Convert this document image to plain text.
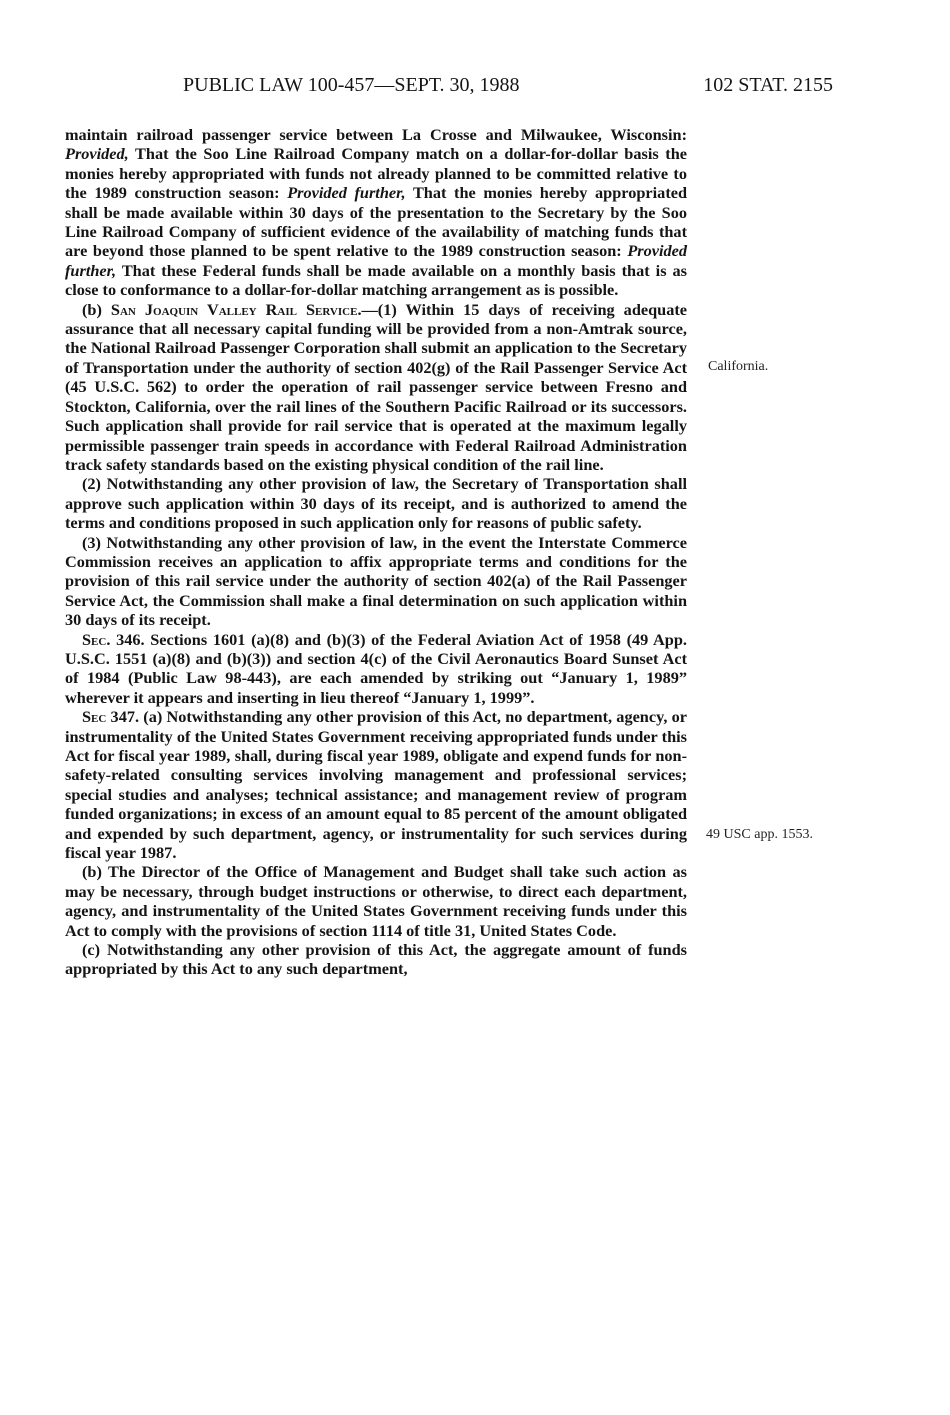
PUBLIC LAW 100-457—SEPT. 30, 1988	102 STAT. 2155
California.
49 USC app. 1553.

maintain railroad passenger service between La Crosse and Milwaukee, Wisconsin: Provided, That the Soo Line Railroad Company match on a dollar-for-dollar basis the monies hereby appropriated with funds not already planned to be committed relative to the 1989 construction season: Provided further, That the monies hereby appropriated shall be made available within 30 days of the presentation to the Secretary by the Soo Line Railroad Company of sufficient evidence of the availability of matching funds that are beyond those planned to be spent relative to the 1989 construction season: Provided further, That these Federal funds shall be made available on a monthly basis that is as close to conformance to a dollar-for-dollar matching arrangement as is possible.

(b) San Joaquin Valley Rail Service.—(1) Within 15 days of receiving adequate assurance that all necessary capital funding will be provided from a non-Amtrak source, the National Railroad Passenger Corporation shall submit an application to the Secretary of Transportation under the authority of section 402(g) of the Rail Passenger Service Act (45 U.S.C. 562) to order the operation of rail passenger service between Fresno and Stockton, California, over the rail lines of the Southern Pacific Railroad or its successors. Such application shall provide for rail service that is operated at the maximum legally permissible passenger train speeds in accordance with Federal Railroad Administration track safety standards based on the existing physical condition of the rail line.

(2) Notwithstanding any other provision of law, the Secretary of Transportation shall approve such application within 30 days of its receipt, and is authorized to amend the terms and conditions proposed in such application only for reasons of public safety.

(3) Notwithstanding any other provision of law, in the event the Interstate Commerce Commission receives an application to affix appropriate terms and conditions for the provision of this rail service under the authority of section 402(a) of the Rail Passenger Service Act, the Commission shall make a final determination on such application within 30 days of its receipt.

Sec. 346. Sections 1601 (a)(8) and (b)(3) of the Federal Aviation Act of 1958 (49 App. U.S.C. 1551 (a)(8) and (b)(3)) and section 4(c) of the Civil Aeronautics Board Sunset Act of 1984 (Public Law 98-443), are each amended by striking out “January 1, 1989” wherever it appears and inserting in lieu thereof “January 1, 1999”.

Sec 347. (a) Notwithstanding any other provision of this Act, no department, agency, or instrumentality of the United States Government receiving appropriated funds under this Act for fiscal year 1989, shall, during fiscal year 1989, obligate and expend funds for non-safety-related consulting services involving management and professional services; special studies and analyses; technical assistance; and management review of program funded organizations; in excess of an amount equal to 85 percent of the amount obligated and expended by such department, agency, or instrumentality for such services during fiscal year 1987.

(b) The Director of the Office of Management and Budget shall take such action as may be necessary, through budget instructions or otherwise, to direct each department, agency, and instrumentality of the United States Government receiving funds under this Act to comply with the provisions of section 1114 of title 31, United States Code.

(c) Notwithstanding any other provision of this Act, the aggregate amount of funds appropriated by this Act to any such department,
